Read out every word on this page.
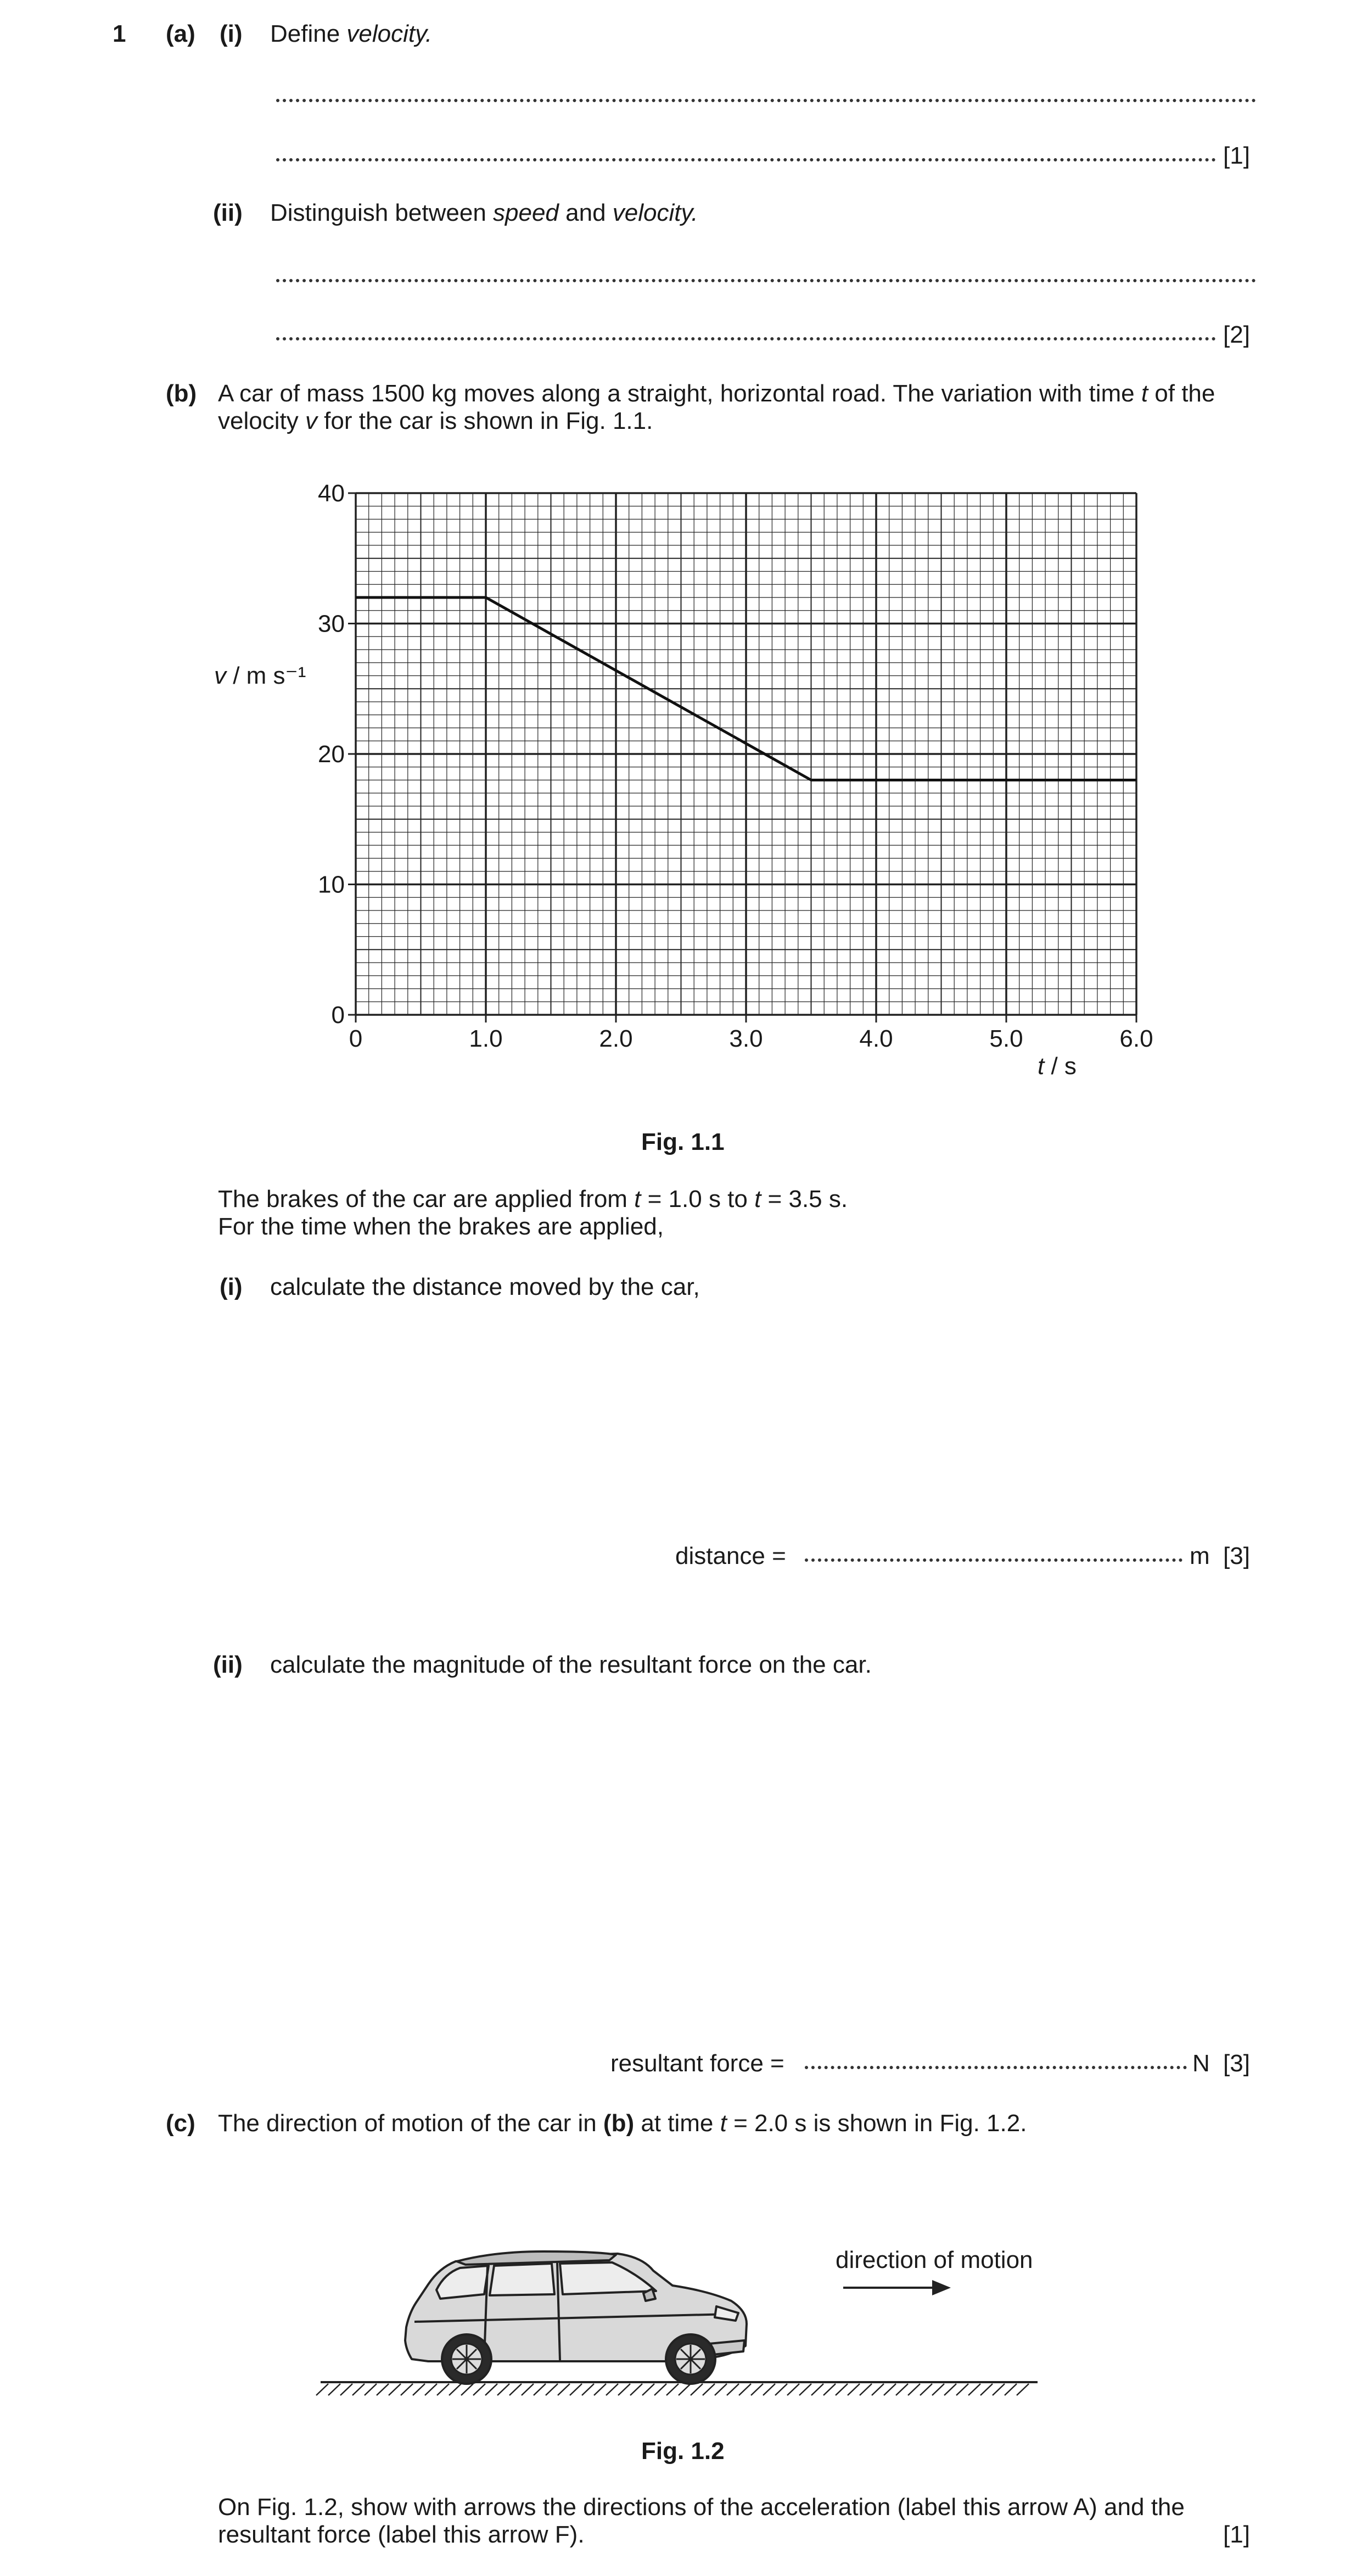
1 (a) (i) Define velocity.
[1]
(ii) Distinguish between speed and velocity.
[2]
(b) A car of mass 1500 kg moves along a straight, horizontal road. The variation with time t of the
velocity v for the car is shown in Fig. 1.1.
0	1.0	2.0	3.0	4.0	5.0	6.0
0
10
20
30
40
v / m s⁻¹
t / s
Fig. 1.1
The brakes of the car are applied from t = 1.0 s to t = 3.5 s.
For the time when the brakes are applied,
(i) calculate the distance moved by the car,
distance =	m [3]
(ii) calculate the magnitude of the resultant force on the car.
resultant force =	N [3]
(c) The direction of motion of the car in (b) at time t = 2.0 s is shown in Fig. 1.2.
direction of motion
Fig. 1.2
On Fig. 1.2, show with arrows the directions of the acceleration (label this arrow A) and the
resultant force (label this arrow F).	[1]
